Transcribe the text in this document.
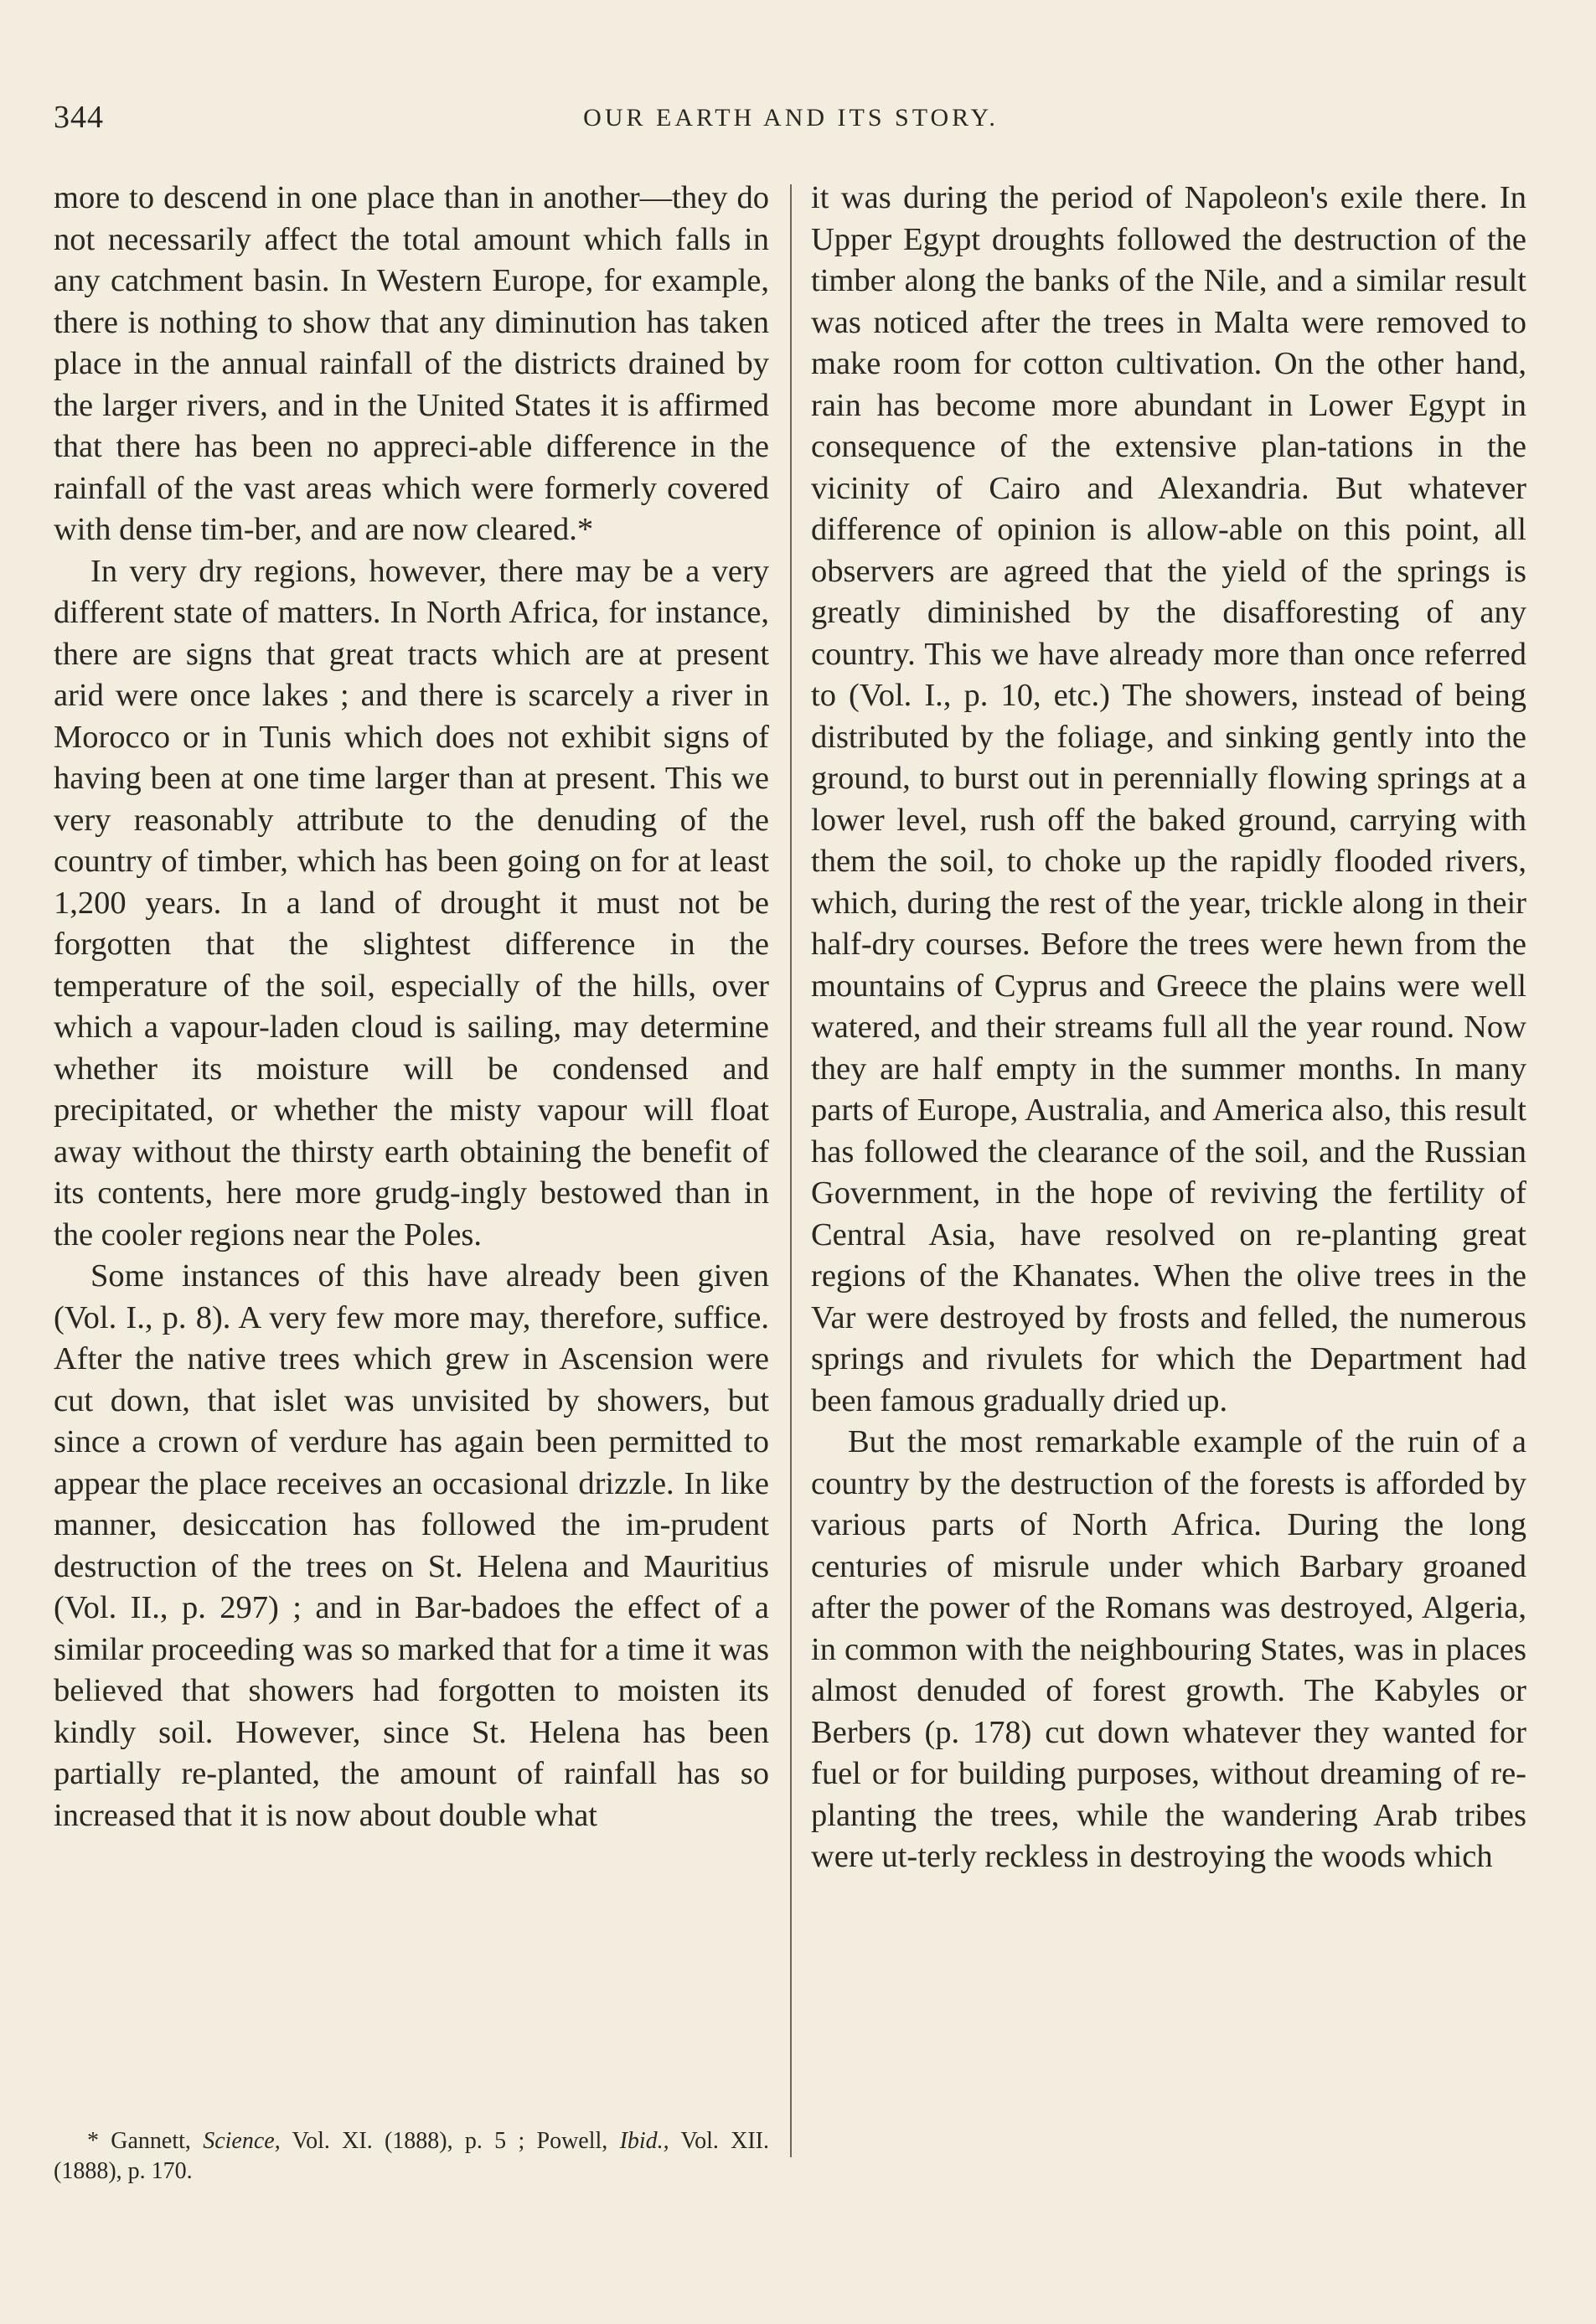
344	OUR EARTH AND ITS STORY.

more to descend in one place than in another—they do not necessarily affect the total amount which falls in any catchment basin. In Western Europe, for example, there is nothing to show that any diminution has taken place in the annual rainfall of the districts drained by the larger rivers, and in the United States it is affirmed that there has been no appreci-able difference in the rainfall of the vast areas which were formerly covered with dense tim-ber, and are now cleared.*

In very dry regions, however, there may be a very different state of matters. In North Africa, for instance, there are signs that great tracts which are at present arid were once lakes ; and there is scarcely a river in Morocco or in Tunis which does not exhibit signs of having been at one time larger than at present. This we very reasonably attribute to the denuding of the country of timber, which has been going on for at least 1,200 years. In a land of drought it must not be forgotten that the slightest difference in the temperature of the soil, especially of the hills, over which a vapour-laden cloud is sailing, may determine whether its moisture will be condensed and precipitated, or whether the misty vapour will float away without the thirsty earth obtaining the benefit of its contents, here more grudg-ingly bestowed than in the cooler regions near the Poles.

Some instances of this have already been given (Vol. I., p. 8). A very few more may, therefore, suffice. After the native trees which grew in Ascension were cut down, that islet was unvisited by showers, but since a crown of verdure has again been permitted to appear the place receives an occasional drizzle. In like manner, desiccation has followed the im-prudent destruction of the trees on St. Helena and Mauritius (Vol. II., p. 297) ; and in Bar-badoes the effect of a similar proceeding was so marked that for a time it was believed that showers had forgotten to moisten its kindly soil. However, since St. Helena has been partially re-planted, the amount of rainfall has so increased that it is now about double what

* Gannett, Science, Vol. XI. (1888), p. 5 ; Powell, Ibid., Vol. XII. (1888), p. 170.

it was during the period of Napoleon's exile there. In Upper Egypt droughts followed the destruction of the timber along the banks of the Nile, and a similar result was noticed after the trees in Malta were removed to make room for cotton cultivation. On the other hand, rain has become more abundant in Lower Egypt in consequence of the extensive plan-tations in the vicinity of Cairo and Alexandria. But whatever difference of opinion is allow-able on this point, all observers are agreed that the yield of the springs is greatly diminished by the disafforesting of any country. This we have already more than once referred to (Vol. I., p. 10, etc.) The showers, instead of being distributed by the foliage, and sinking gently into the ground, to burst out in perennially flowing springs at a lower level, rush off the baked ground, carrying with them the soil, to choke up the rapidly flooded rivers, which, during the rest of the year, trickle along in their half-dry courses. Before the trees were hewn from the mountains of Cyprus and Greece the plains were well watered, and their streams full all the year round. Now they are half empty in the summer months. In many parts of Europe, Australia, and America also, this result has followed the clearance of the soil, and the Russian Government, in the hope of reviving the fertility of Central Asia, have resolved on re-planting great regions of the Khanates. When the olive trees in the Var were destroyed by frosts and felled, the numerous springs and rivulets for which the Department had been famous gradually dried up.

But the most remarkable example of the ruin of a country by the destruction of the forests is afforded by various parts of North Africa. During the long centuries of misrule under which Barbary groaned after the power of the Romans was destroyed, Algeria, in common with the neighbouring States, was in places almost denuded of forest growth. The Kabyles or Berbers (p. 178) cut down whatever they wanted for fuel or for building purposes, without dreaming of re-planting the trees, while the wandering Arab tribes were ut-terly reckless in destroying the woods which
